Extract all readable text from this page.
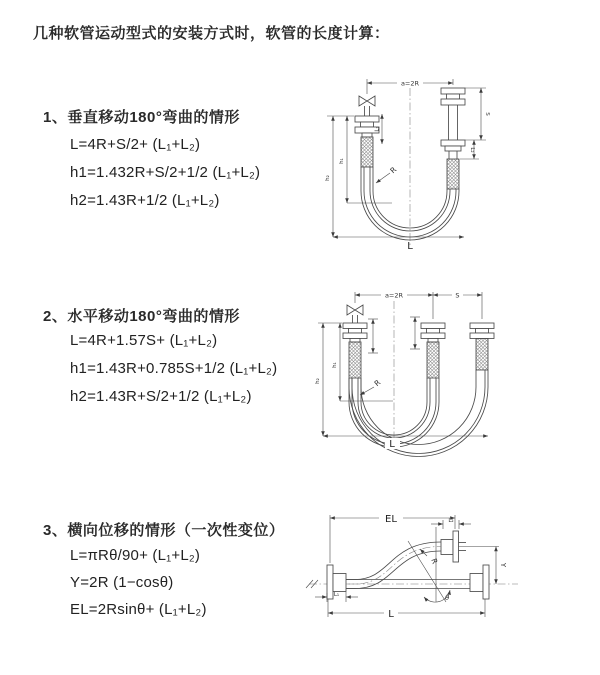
几种软管运动型式的安装方式时，软管的长度计算：
1、垂直移动180°弯曲的情形
L=4R+S/2+ (L₁+L₂)
h1=1.432R+S/2+1/2 (L₁+L₂)
h2=1.43R+1/2 (L₁+L₂)
2、水平移动180°弯曲的情形
L=4R+1.57S+ (L₁+L₂)
h1=1.43R+0.785S+1/2 (L₁+L₂)
h2=1.43R+S/2+1/2 (L₁+L₂)
3、横向位移的情形（一次性变位）
L=πRθ/90+ (L₁+L₂)
Y=2R (1−cosθ)
EL=2Rsinθ+ (L₁+L₂)
a=2R
h₁
h₂
L₁
S
L₂
R
L
a=2R	S
h₁
h₂	R
L
θ
EL	L₂
Y
R
L₁
L
